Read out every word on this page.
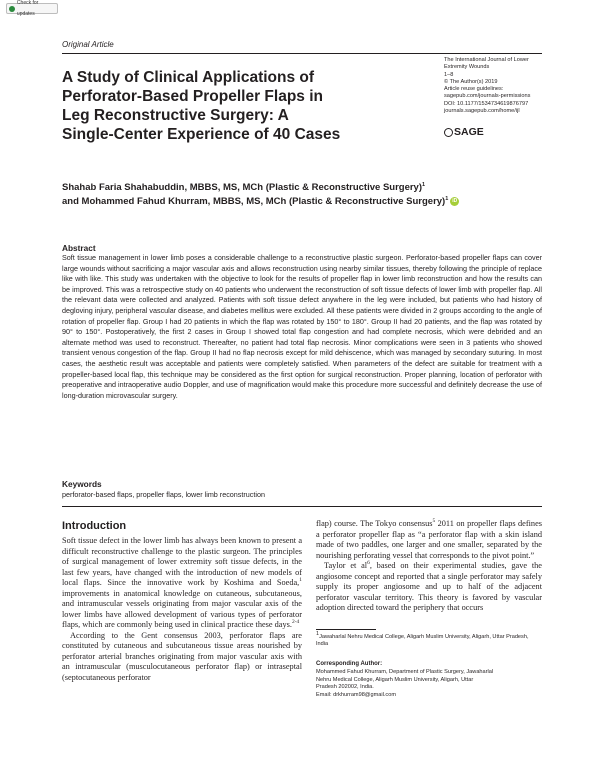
Check for updates
Original Article
A Study of Clinical Applications of
Perforator-Based Propeller Flaps in
Leg Reconstructive Surgery: A
Single-Center Experience of 40 Cases
The International Journal of Lower
Extremity Wounds
1–8
© The Author(s) 2019
Article reuse guidelines:
sagepub.com/journals-permissions
DOI: 10.1177/1534734619876797
journals.sagepub.com/home/ijl
SAGE
Shahab Faria Shahabuddin, MBBS, MS, MCh (Plastic & Reconstructive Surgery)$^1$
and Mohammed Fahud Khurram, MBBS, MS, MCh (Plastic & Reconstructive Surgery)$^1$ iD
Abstract
Soft tissue management in lower limb poses a considerable challenge to a reconstructive plastic surgeon. Perforator-based propeller flaps can cover large wounds without sacrificing a major vascular axis and allows reconstruction using nearby similar tissues, thereby following the principle of replace like with like. This study was undertaken with the objective to look for the results of propeller flap in lower limb reconstruction and how the results can be improved. This was a retrospective study on 40 patients who underwent the reconstruction of soft tissue defects of lower limb with propeller flap. All the relevant data were collected and analyzed. Patients with soft tissue defect anywhere in the leg were included, but patients who had history of degloving injury, peripheral vascular disease, and diabetes mellitus were excluded. All these patients were divided in 2 groups according to the angle of rotation of propeller flap. Group I had 20 patients in which the flap was rotated by 150° to 180°. Group II had 20 patients, and the flap was rotated by 90° to 150°. Postoperatively, the first 2 cases in Group I showed total flap congestion and had complete necrosis, which were debrided and an alternate method was used to reconstruct. Thereafter, no patient had total flap necrosis. Minor complications were seen in 3 patients who showed transient venous congestion of the flap. Group II had no flap necrosis except for mild dehiscence, which was managed by secondary suturing. In most cases, the aesthetic result was acceptable and patients were completely satisfied. When parameters of the defect are suitable for treatment with a propeller-based local flap, this technique may be considered as the first option for surgical reconstruction. Proper planning, location of perforator with preoperative and intraoperative audio Doppler, and use of magnification would make this procedure more successful and definitely decrease the use of long-duration microvascular surgery.
Keywords
perforator-based flaps, propeller flaps, lower limb reconstruction
Introduction

Soft tissue defect in the lower limb has always been known to present a difficult reconstructive challenge to the plastic surgeon. The principles of surgical management of lower extremity soft tissue defects, in the last few years, have changed with the introduction of new models of local flaps. Since the innovative work by Koshima and Soeda,$^1$ improvements in anatomical knowledge on cutaneous, subcutaneous, and intramuscular vessels originating from major vascular axis of the lower limbs have allowed development of various types of perforator flaps, which are commonly being used in clinical practice these days.$^{2-4}$

According to the Gent consensus 2003, perforator flaps are constituted by cutaneous and subcutaneous tissue areas nourished by perforator arterial branches originating from major vascular axis with an intramuscular (musculocutaneous perforator flap) or intraseptal (septocutaneous perforator

flap) course. The Tokyo consensus$^5$ 2011 on propeller flaps defines a perforator propeller flap as “a perforator flap with a skin island made of two paddles, one larger and one smaller, separated by the nourishing perforating vessel that corresponds to the pivot point.”

Taylor et $al^6$, based on their experimental studies, gave the angiosome concept and reported that a single perforator may safely supply its proper angiosome and up to half of the adjacent perforator vascular territory. This theory is favored by vascular adoption directed toward the periphery that occurs

$^1$Jawaharlal Nehru Medical College, Aligarh Muslim University, Aligarh, Uttar Pradesh, India
Corresponding Author:
Mohammed Fahud Khurram, Department of Plastic Surgery, Jawaharlal
Nehru Medical College, Aligarh Muslim University, Aligarh, Uttar
Pradesh 202002, India.
Email: drkhurram98@gmail.com
